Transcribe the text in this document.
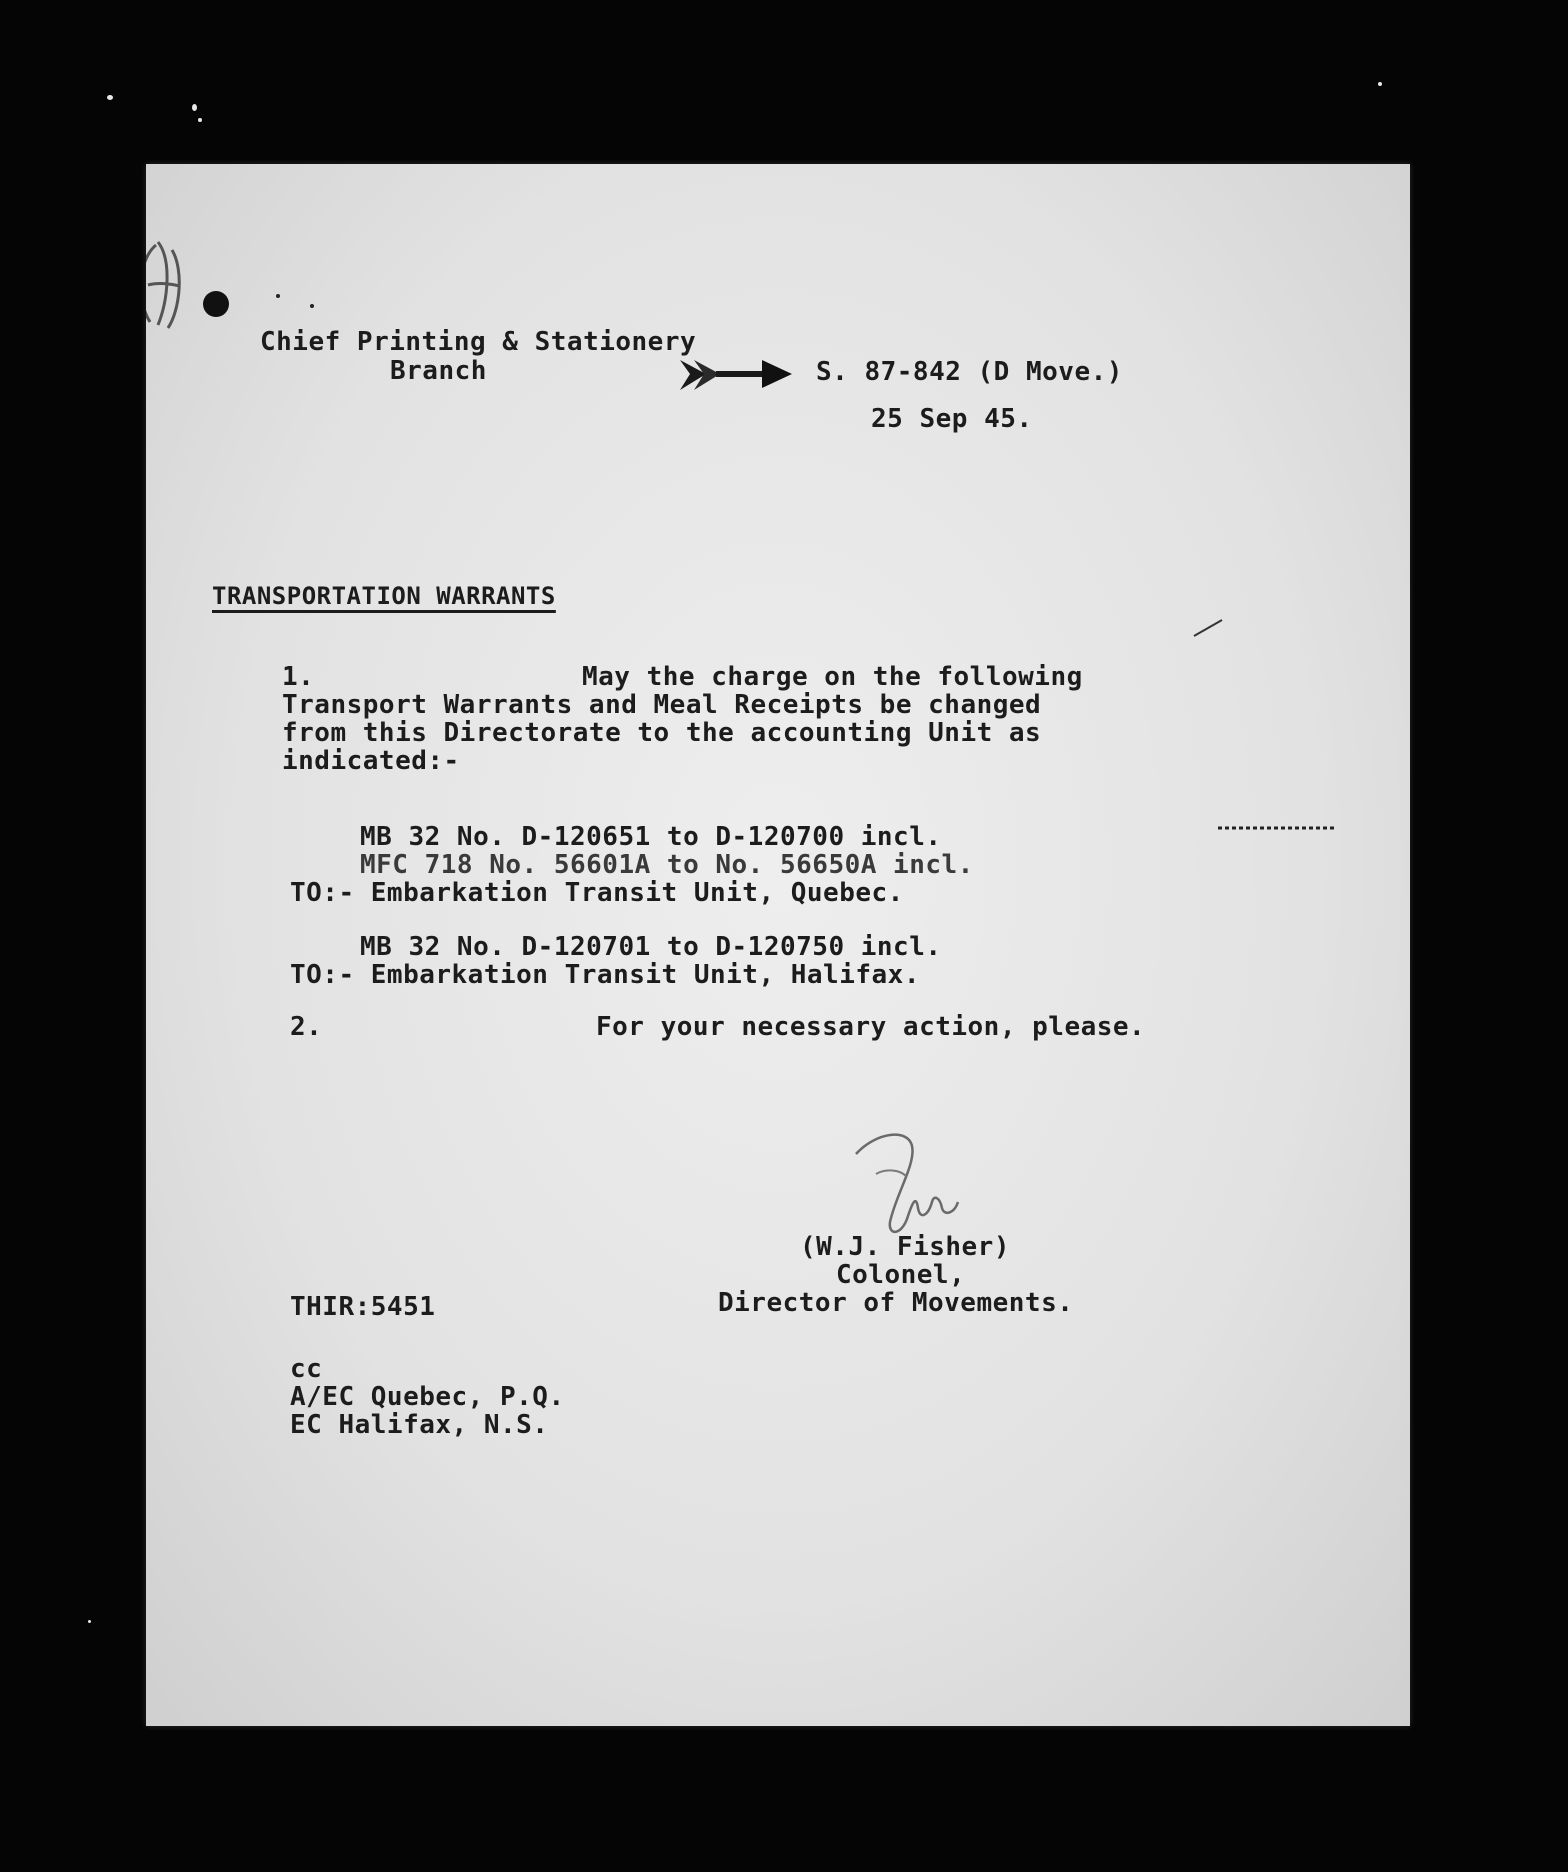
Chief Printing & Stationery
Branch	S. 87-842 (D Move.)
25 Sep 45.
TRANSPORTATION WARRANTS
1.	May the charge on the following
Transport Warrants and Meal Receipts be changed
from this Directorate to the accounting Unit as
indicated:-
MB 32 No. D-120651 to D-120700 incl.
MFC 718 No. 56601A to No. 56650A incl.
TO:- Embarkation Transit Unit, Quebec.
MB 32 No. D-120701 to D-120750 incl.
TO:- Embarkation Transit Unit, Halifax.
2.	For your necessary action, please.
(W.J. Fisher)
Colonel,
Director of Movements.
THIR:5451
cc
A/EC Quebec, P.Q.
EC Halifax, N.S.
